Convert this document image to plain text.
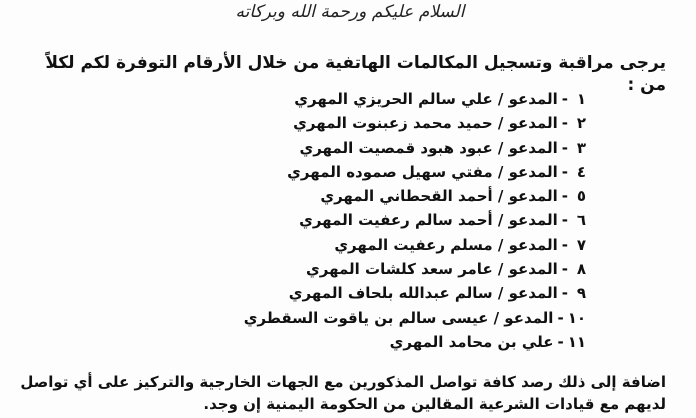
السلام عليكم ورحمة الله وبركاته
يرجى مراقبة وتسجيل المكالمات الهاتفية من خلال الأرقام التوفرة لكم لكلاً من :
١-المدعو / علي سالم الحريزي المهري
٢-المدعو / حميد محمد زعبنوت المهري
٣-المدعو / عبود هبود قمصيت المهري
٤-المدعو / مفتي سهيل صموده المهري
٥-المدعو / أحمد القحطاني المهري
٦-المدعو / أحمد سالم رعفيت المهري
٧-المدعو / مسلم رعفيت المهري
٨-المدعو / عامر سعد كلشات المهري
٩-المدعو / سالم عبدالله بلحاف المهري
١٠-المدعو / عيسى سالم بن ياقوت السقطري
١١-علي بن محامد المهري

اضافة إلى ذلك رصد كافة تواصل المذكورين مع الجهات الخارجية والتركيز على أي تواصل

لديهم مع قيادات الشرعية المقالين من الحكومة اليمنية إن وجد.
